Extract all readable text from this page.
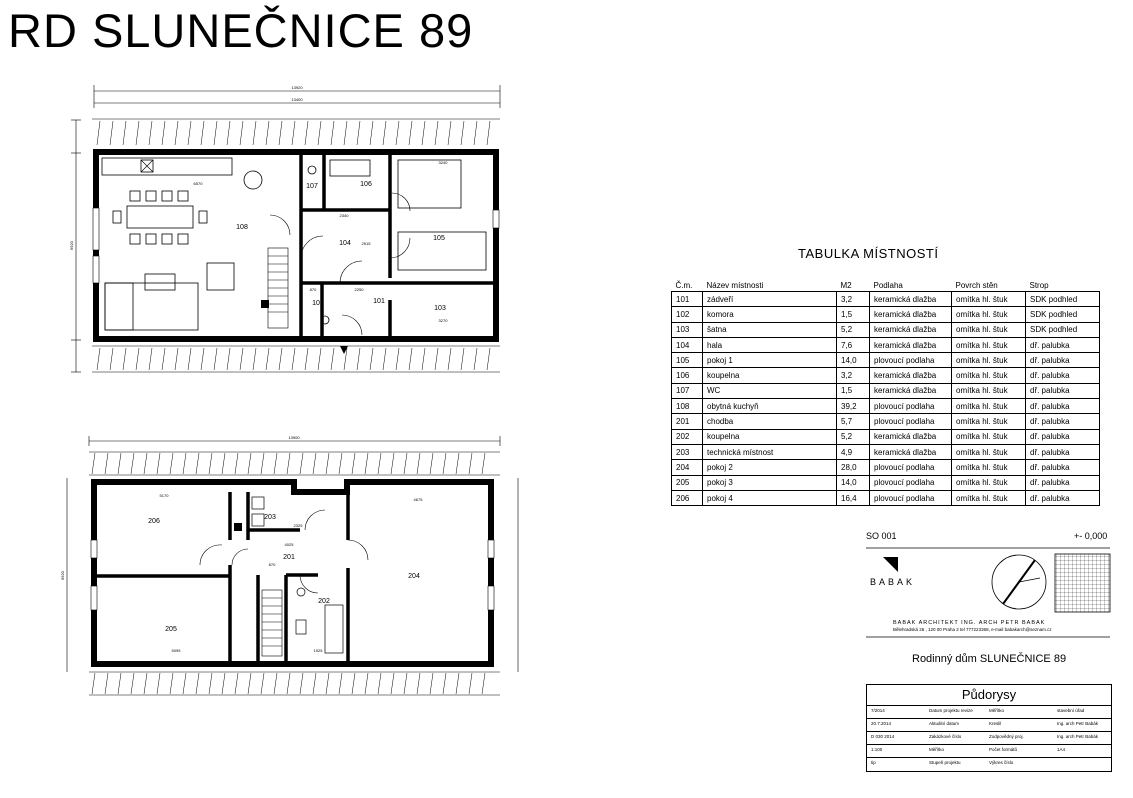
RD SLUNEČNICE 89
13920
13400
6920
108
107	106
105
104
102	101
103
6570
3240
2340
2515
870	2250
3270
13900
6920
206
203
201
204
205
202
5170
4675
2325
4025
870
5095	1925
TABULKA MÍSTNOSTÍ
Č.m.	Název místnosti	M2	Podlaha	Povrch stěn	Strop
101	zádveří	3,2	keramická dlažba	omítka hl. štuk	SDK podhled
102	komora	1,5	keramická dlažba	omítka hl. štuk	SDK podhled
103	šatna	5,2	keramická dlažba	omítka hl. štuk	SDK podhled
104	hala	7,6	keramická dlažba	omítka hl. štuk	dř. palubka
105	pokoj 1	14,0	plovoucí podlaha	omítka hl. štuk	dř. palubka
106	koupelna	3,2	keramická dlažba	omítka hl. štuk	dř. palubka
107	WC	1,5	keramická dlažba	omítka hl. štuk	dř. palubka
108	obytná kuchyň	39,2	plovoucí podlaha	omítka hl. štuk	dř. palubka
201	chodba	5,7	plovoucí podlaha	omítka hl. štuk	dř. palubka
202	koupelna	5,2	keramická dlažba	omítka hl. štuk	dř. palubka
203	technická místnost	4,9	keramická dlažba	omítka hl. štuk	dř. palubka
204	pokoj 2	28,0	plovoucí podlaha	omítka hl. štuk	dř. palubka
205	pokoj 3	14,0	plovoucí podlaha	omítka hl. štuk	dř. palubka
206	pokoj 4	16,4	plovoucí podlaha	omítka hl. štuk	dř. palubka
SO 001	+- 0,000
BABAK
BABAK ARCHITEKT ING. ARCH PETR BABAK
Bělehradská 26 , 120 00 Praha 2 tel 777223368, e-mail babakarch@seznam.cz
Rodinný dům SLUNEČNICE 89
Půdorysy
7/2014	Datum projektu revize	Měřítko	stavební úřad
20.7.2014	Aktuální datum	Kreslil	Ing. arch Petr Babák
D 030 2014	Zakázkové číslo	Zodpovědný proj.	Ing. arch Petr Babák
1:100	Měřítko	Počet formátů	1A4
tip	Stupeň projektu	Výkres číslo
